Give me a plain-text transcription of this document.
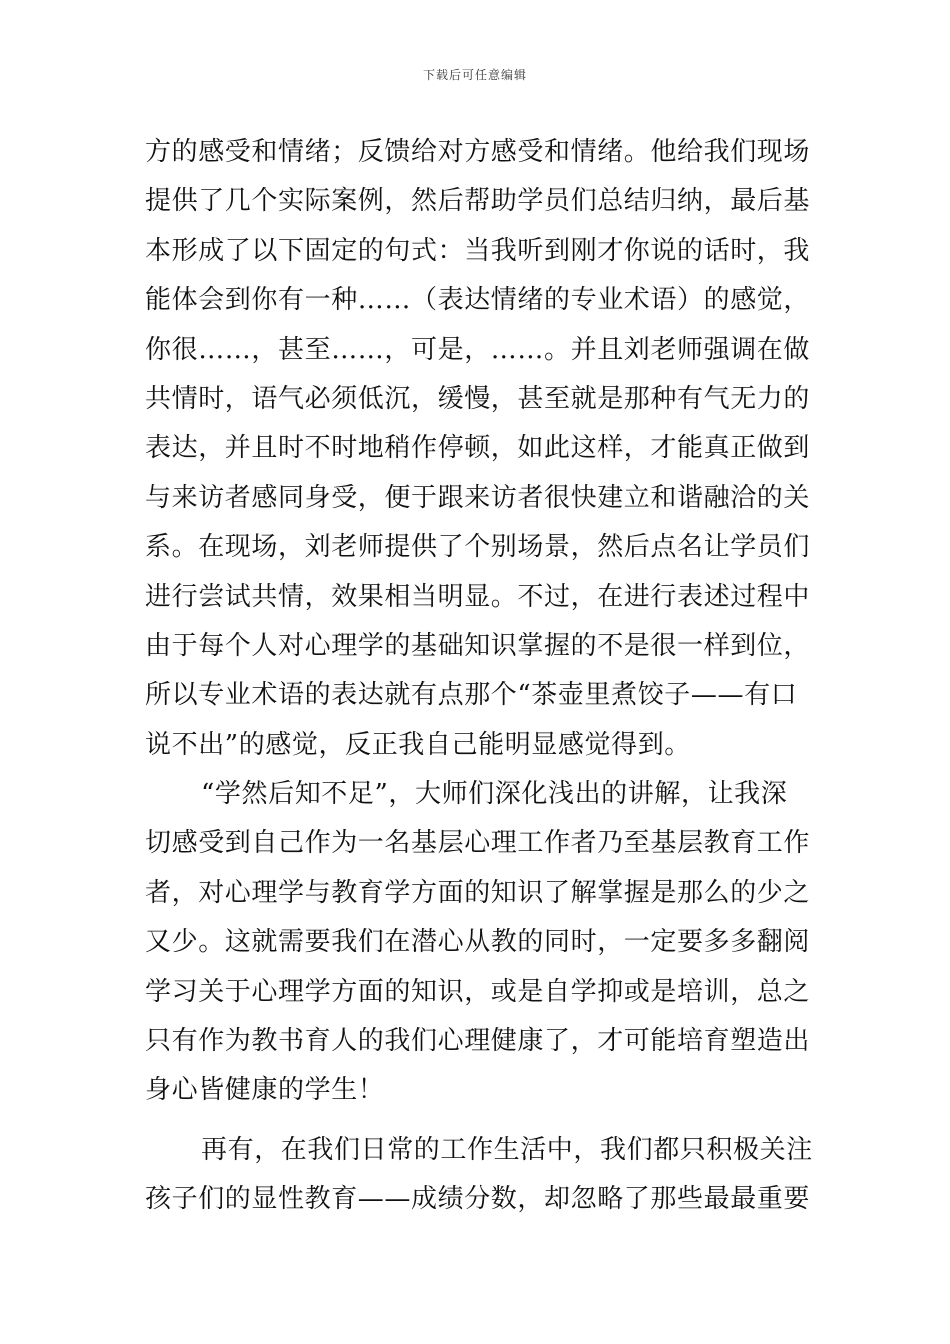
下载后可任意编辑
方的感受和情绪；反馈给对方感受和情绪。他给我们现场
提供了几个实际案例，然后帮助学员们总结归纳，最后基
本形成了以下固定的句式：当我听到刚才你说的话时，我
能体会到你有一种……（表达情绪的专业术语）的感觉，
你很……，甚至……，可是，……。并且刘老师强调在做
共情时，语气必须低沉，缓慢，甚至就是那种有气无力的
表达，并且时不时地稍作停顿，如此这样，才能真正做到
与来访者感同身受，便于跟来访者很快建立和谐融洽的关
系。在现场，刘老师提供了个别场景，然后点名让学员们
进行尝试共情，效果相当明显。不过，在进行表述过程中
由于每个人对心理学的基础知识掌握的不是很一样到位，
所以专业术语的表达就有点那个“茶壶里煮饺子——有口
说不出”的感觉，反正我自己能明显感觉得到。
“学然后知不足”，大师们深化浅出的讲解，让我深
切感受到自己作为一名基层心理工作者乃至基层教育工作
者，对心理学与教育学方面的知识了解掌握是那么的少之
又少。这就需要我们在潜心从教的同时，一定要多多翻阅
学习关于心理学方面的知识，或是自学抑或是培训，总之
只有作为教书育人的我们心理健康了，才可能培育塑造出
身心皆健康的学生！
再有，在我们日常的工作生活中，我们都只积极关注
孩子们的显性教育——成绩分数，却忽略了那些最最重要
